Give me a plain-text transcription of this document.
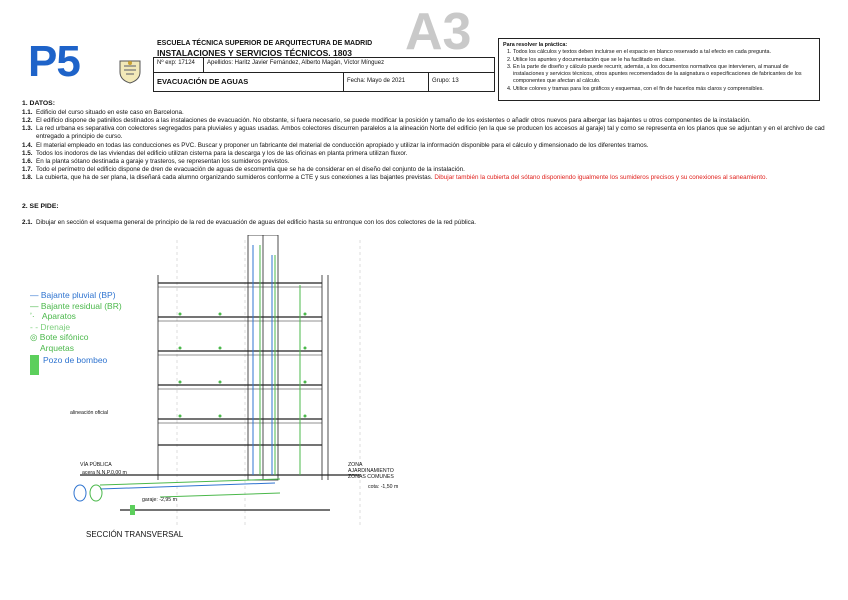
P5
A3
ESCUELA TÉCNICA SUPERIOR DE ARQUITECTURA DE MADRID
INSTALACIONES Y SERVICIOS TÉCNICOS. 1803
Nº exp: 17124	Apellidos: Haritz Javier Fernández, Alberto Magán, Víctor Mínguez
EVACUACIÓN DE AGUAS	Fecha: Mayo de 2021	Grupo: 13
Para resolver la práctica:
1. Todos los cálculos y textos deben incluirse en el espacio en blanco reservado a tal efecto en cada pregunta.
2. Utilice los apuntes y documentación que se le ha facilitado en clase.
3. En la parte de diseño y cálculo puede recurrir, además, a los documentos normativos que intervienen, al manual de instalaciones y servicios técnicos, otros apuntes recomendados de la asignatura o especificaciones de fabricantes de los componentes que afectan al cálculo.
4. Utilice colores y tramas para los gráficos y esquemas, con el fin de hacerlos más claros y comprensibles.
1. DATOS:
1.1. Edificio del curso situado en este caso en Barcelona.
1.2. El edificio dispone de patinillos destinados a las instalaciones de evacuación. No obstante, si fuera necesario, se puede modificar la posición y tamaño de los existentes o añadir otros nuevos para albergar las bajantes u otros componentes de la instalación.
1.3. La red urbana es separativa con colectores segregados para pluviales y aguas usadas. Ambos colectores discurren paralelos a la alineación Norte del edificio (en la que se producen los accesos al garaje) tal y como se representa en los planos que se adjuntan y en el archivo de cad entregado a principio de curso.
1.4. El material empleado en todas las conducciones es PVC. Buscar y proponer un fabricante del material de conducción apropiado y utilizar la información disponible para el cálculo y dimensionado de los diferentes tramos.
1.5. Todos los inodoros de las viviendas del edificio utilizan cisterna para la descarga y los de las oficinas en planta primera utilizan fluxor.
1.6. En la planta sótano destinada a garaje y trasteros, se representan los sumideros previstos.
1.7. Todo el perímetro del edificio dispone de dren de evacuación de aguas de escorrentía que se ha de considerar en el diseño del conjunto de la instalación.
1.8. La cubierta, que ha de ser plana, la diseñará cada alumno organizando sumideros conforme a CTE y sus conexiones a las bajantes previstas. Dibujar también la cubierta del sótano disponiendo igualmente los sumideros precisos y su conexiones al saneamiento.
2. SE PIDE:
2.1. Dibujar en sección el esquema general de principio de la red de evacuación de aguas del edificio hasta su entronque con los dos colectores de la red pública.
— Bajante pluvial (BP)
— Bajante residual (BR)
ʼ· Aparatos
- - Drenaje
◎ Bote sifónico
Arquetas
Pozo de bombeo
alineación oficial
VÍA PÚBLICA
acera N.N.P.0,00 m
garaje: -2,95 m
ZONA
AJARDINAMIENTO
ZONAS COMUNES
cota: -1,50 m
SECCIÓN TRANSVERSAL
